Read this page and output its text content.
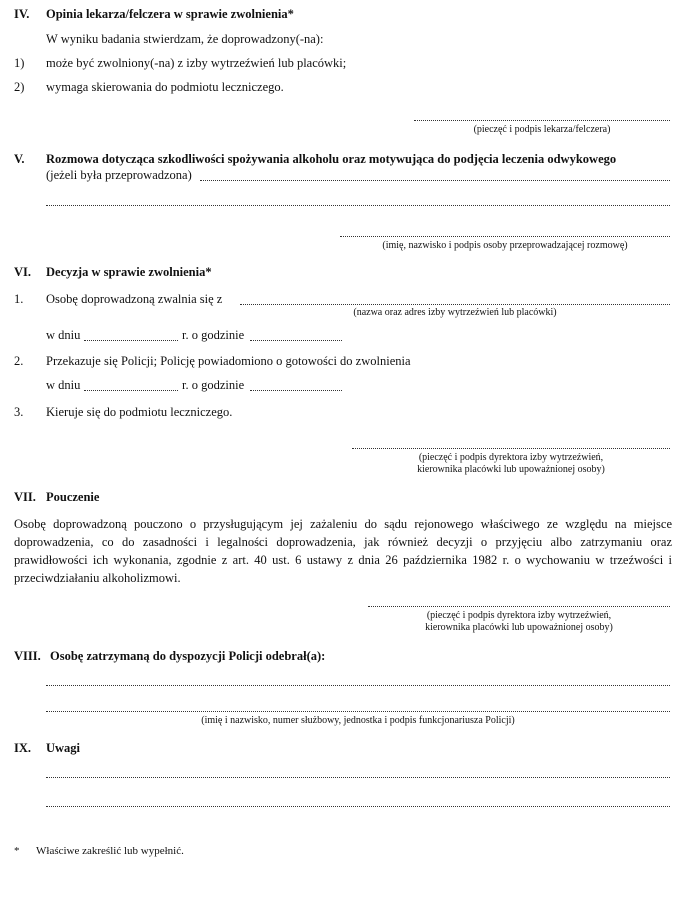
IV. Opinia lekarza/felczera w sprawie zwolnienia*
W wyniku badania stwierdzam, że doprowadzony(-na):
1) może być zwolniony(-na) z izby wytrzeźwień lub placówki;
2) wymaga skierowania do podmiotu leczniczego.
(pieczęć i podpis lekarza/felczera)
V. Rozmowa dotycząca szkodliwości spożywania alkoholu oraz motywująca do podjęcia leczenia odwykowego
(jeżeli była przeprowadzona)
(imię, nazwisko i podpis osoby przeprowadzającej rozmowę)
VI. Decyzja w sprawie zwolnienia*
1. Osobę doprowadzoną zwalnia się z
(nazwa oraz adres izby wytrzeźwień lub placówki)
w dniu	r. o godzinie
2. Przekazuje się Policji; Policję powiadomiono o gotowości do zwolnienia
w dniu	r. o godzinie
3. Kieruje się do podmiotu leczniczego.
(pieczęć i podpis dyrektora izby wytrzeźwień,
kierownika placówki lub upoważnionej osoby)
VII. Pouczenie
Osobę doprowadzoną pouczono o przysługującym jej zażaleniu do sądu rejonowego właściwego ze względu na miejsce doprowadzenia, co do zasadności i legalności doprowadzenia, jak również decyzji o przyjęciu albo zatrzymaniu oraz prawidłowości ich wykonania, zgodnie z art. 40 ust. 6 ustawy z dnia 26 października 1982 r. o wychowaniu w trzeźwości i przeciwdziałaniu alkoholizmowi.
(pieczęć i podpis dyrektora izby wytrzeźwień,
kierownika placówki lub upoważnionej osoby)
VIII. Osobę zatrzymaną do dyspozycji Policji odebrał(a):
(imię i nazwisko, numer służbowy, jednostka i podpis funkcjonariusza Policji)
IX. Uwagi
* Właściwe zakreślić lub wypełnić.
